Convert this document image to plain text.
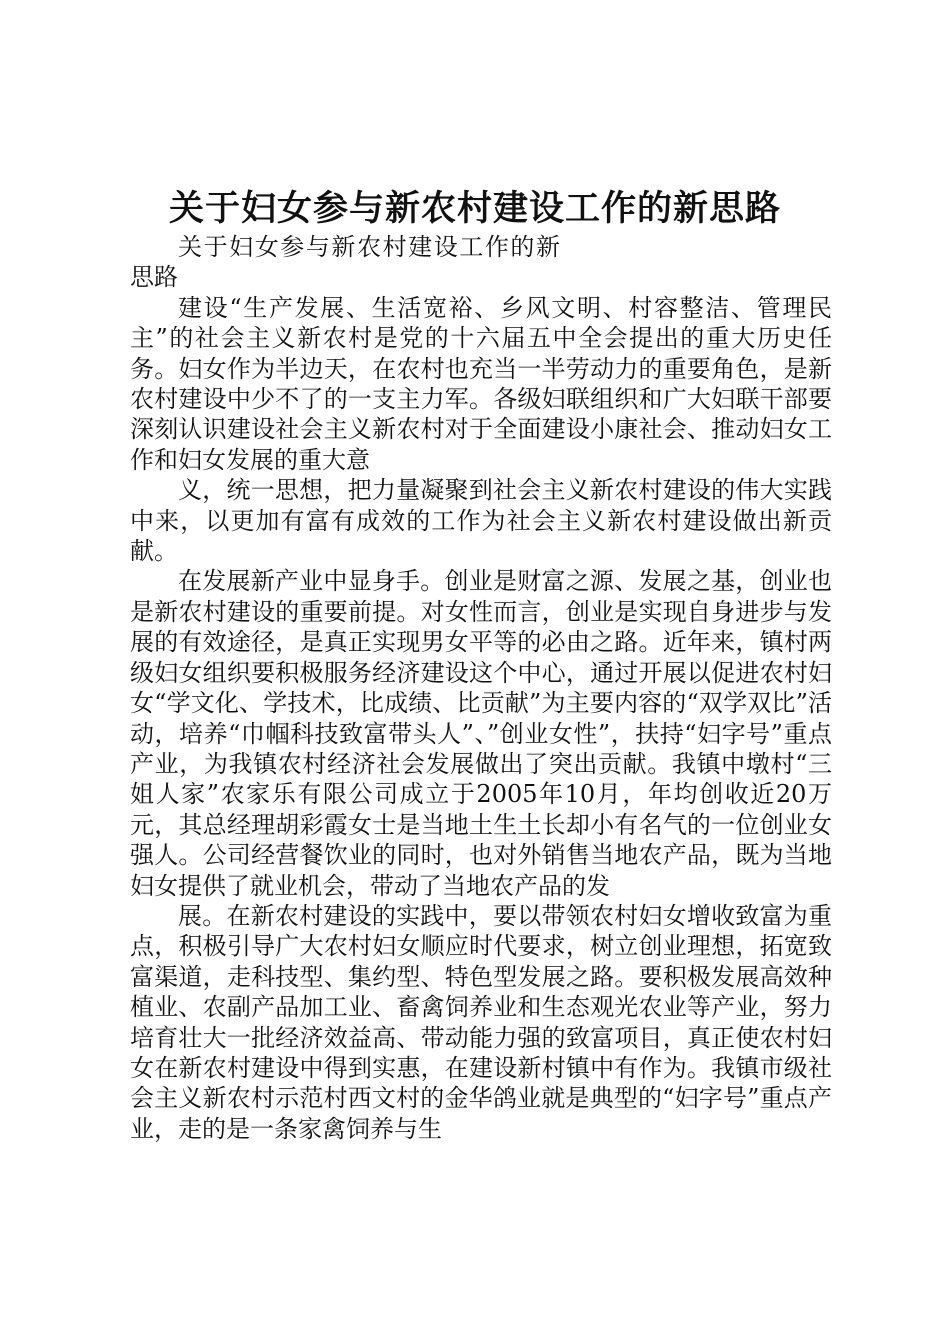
关于妇女参与新农村建设工作的新思路

关于妇女参与新农村建设工作的新思路

建设“生产发展、生活宽裕、乡风文明、村容整洁、管理民主”的社会主义新农村是党的十六届五中全会提出的重大历史任务。妇女作为半边天，在农村也充当一半劳动力的重要角色，是新农村建设中少不了的一支主力军。各级妇联组织和广大妇联干部要深刻认识建设社会主义新农村对于全面建设小康社会、推动妇女工作和妇女发展的重大意

义，统一思想，把力量凝聚到社会主义新农村建设的伟大实践中来，以更加有富有成效的工作为社会主义新农村建设做出新贡献。

在发展新产业中显身手。创业是财富之源、发展之基，创业也是新农村建设的重要前提。对女性而言，创业是实现自身进步与发展的有效途径，是真正实现男女平等的必由之路。近年来，镇村两级妇女组织要积极服务经济建设这个中心，通过开展以促进农村妇女“学文化、学技术，比成绩、比贡献”为主要内容的“双学双比”活动，培养“巾帼科技致富带头人”、”创业女性”，扶持“妇字号”重点产业，为我镇农村经济社会发展做出了突出贡献。我镇中墩村“三姐人家”农家乐有限公司成立于2005年10月，年均创收近20万元，其总经理胡彩霞女士是当地土生土长却小有名气的一位创业女强人。公司经营餐饮业的同时，也对外销售当地农产品，既为当地妇女提供了就业机会，带动了当地农产品的发

展。在新农村建设的实践中，要以带领农村妇女增收致富为重点，积极引导广大农村妇女顺应时代要求，树立创业理想，拓宽致富渠道，走科技型、集约型、特色型发展之路。要积极发展高效种植业、农副产品加工业、畜禽饲养业和生态观光农业等产业，努力培育壮大一批经济效益高、带动能力强的致富项目，真正使农村妇女在新农村建设中得到实惠，在建设新村镇中有作为。我镇市级社会主义新农村示范村西文村的金华鸽业就是典型的“妇字号”重点产业，走的是一条家禽饲养与生
